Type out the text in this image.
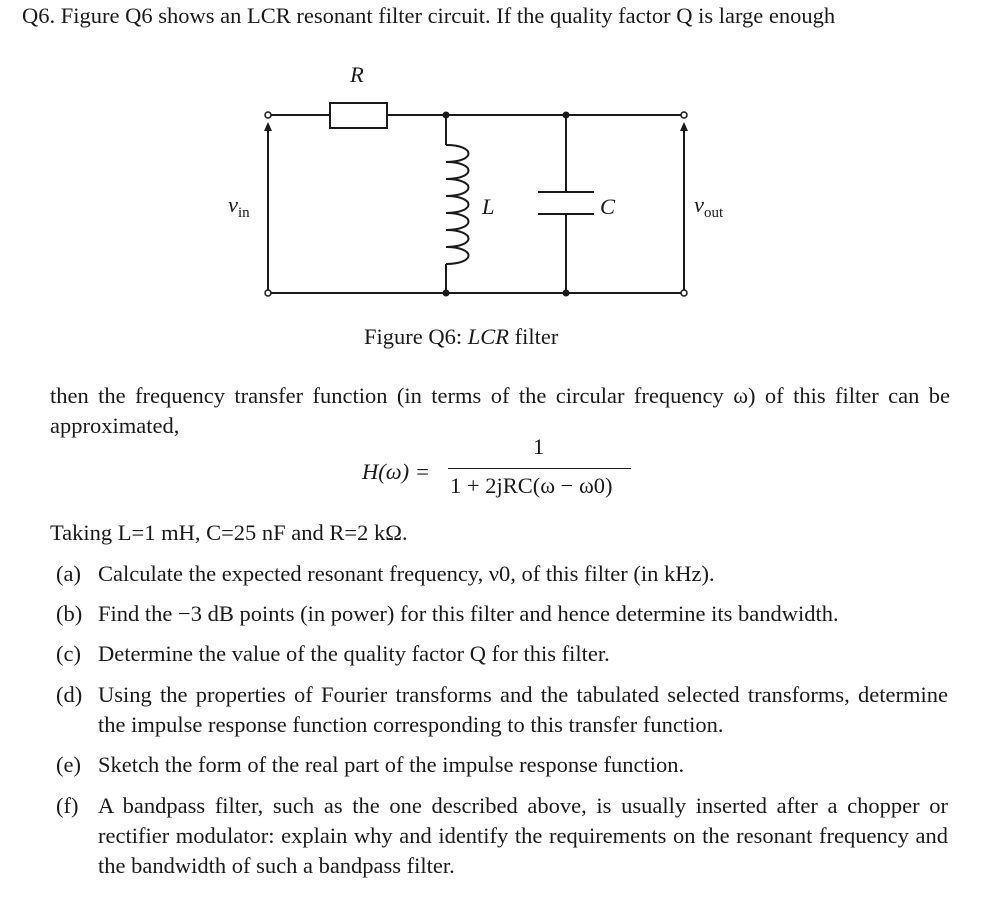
Q6. Figure Q6 shows an LCR resonant filter circuit. If the quality factor Q is large enough
R
L	C
$v_{in}$	$v_{out}$
Figure Q6: LCR filter
then the frequency transfer function (in terms of the circular frequency ω) of this filter can be approximated,
H(ω) =
1
1 + 2jRC(ω − ω0)
Taking L=1 mH, C=25 nF and R=2 kΩ.
(a) Calculate the expected resonant frequency, ν0, of this filter (in kHz).
(b) Find the −3 dB points (in power) for this filter and hence determine its bandwidth.
(c) Determine the value of the quality factor Q for this filter.
(d) Using the properties of Fourier transforms and the tabulated selected transforms, determine the impulse response function corresponding to this transfer function.
(e) Sketch the form of the real part of the impulse response function.
(f) A bandpass filter, such as the one described above, is usually inserted after a chopper or rectifier modulator: explain why and identify the requirements on the resonant frequency and the bandwidth of such a bandpass filter.
